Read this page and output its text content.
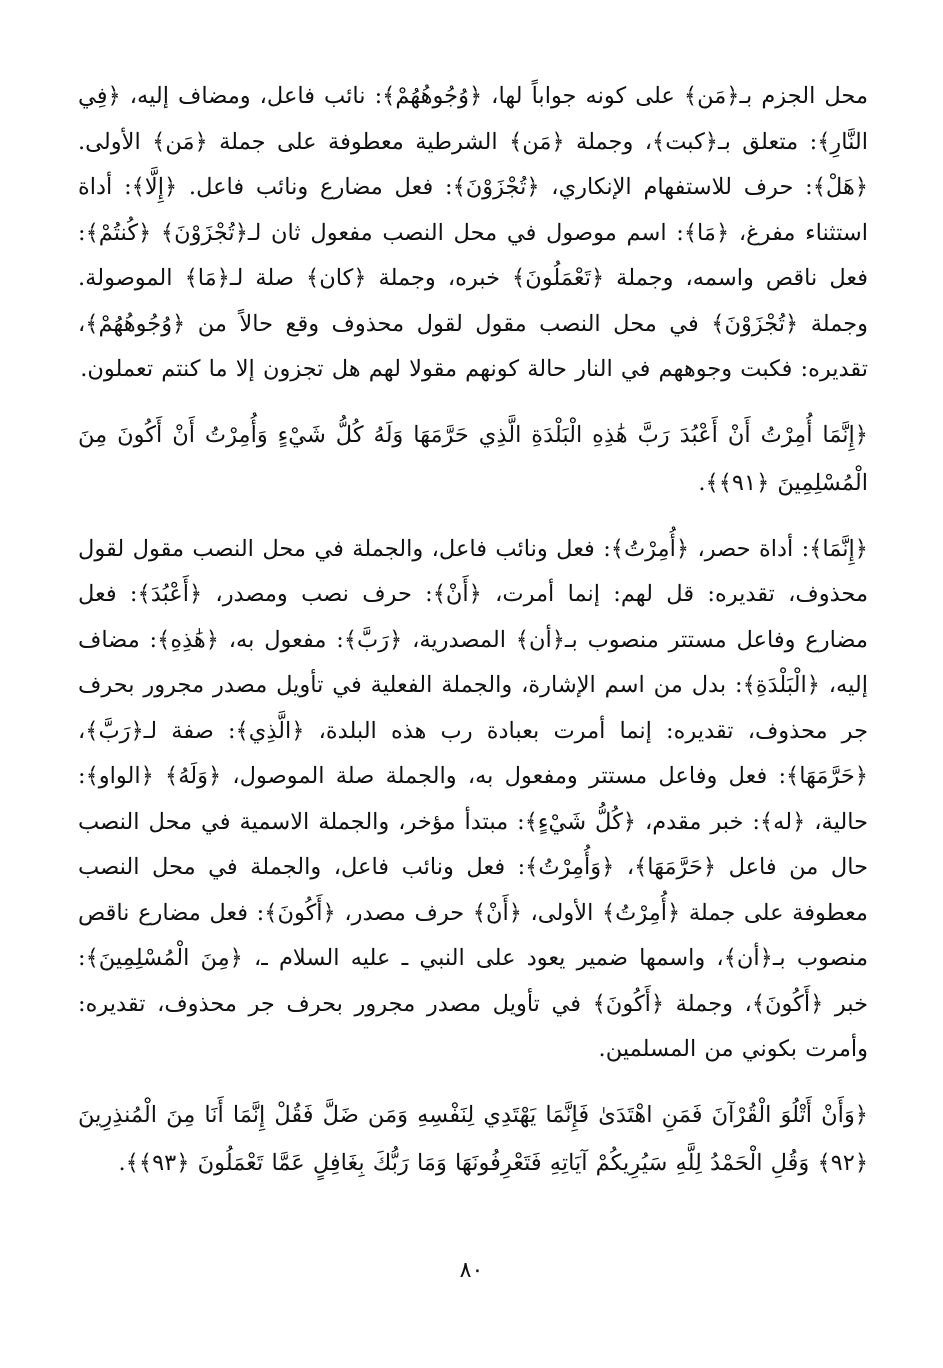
محل الجزم بـ﴿مَن﴾ على كونه جواباً لها، ﴿وُجُوهُهُمْ﴾: نائب فاعل، ومضاف إليه، ﴿فِي النَّارِ﴾: متعلق بـ﴿كبت﴾، وجملة ﴿مَن﴾ الشرطية معطوفة على جملة ﴿مَن﴾ الأولى. ﴿هَلْ﴾: حرف للاستفهام الإنكاري، ﴿تُجْزَوْنَ﴾: فعل مضارع ونائب فاعل. ﴿إِلَّا﴾: أداة استثناء مفرغ، ﴿مَا﴾: اسم موصول في محل النصب مفعول ثان لـ﴿تُجْزَوْنَ﴾ ﴿كُنتُمْ﴾: فعل ناقص واسمه، وجملة ﴿تَعْمَلُونَ﴾ خبره، وجملة ﴿كان﴾ صلة لـ﴿مَا﴾ الموصولة. وجملة ﴿تُجْزَوْنَ﴾ في محل النصب مقول لقول محذوف وقع حالاً من ﴿وُجُوهُهُمْ﴾، تقديره: فكبت وجوههم في النار حالة كونهم مقولا لهم هل تجزون إلا ما كنتم تعملون.

﴿إِنَّمَا أُمِرْتُ أَنْ أَعْبُدَ رَبَّ هَٰذِهِ الْبَلْدَةِ الَّذِي حَرَّمَهَا وَلَهُ كُلُّ شَيْءٍ وَأُمِرْتُ أَنْ أَكُونَ مِنَ الْمُسْلِمِينَ ﴿٩١﴾﴾.

﴿إِنَّمَا﴾: أداة حصر، ﴿أُمِرْتُ﴾: فعل ونائب فاعل، والجملة في محل النصب مقول لقول محذوف، تقديره: قل لهم: إنما أمرت، ﴿أَنْ﴾: حرف نصب ومصدر، ﴿أَعْبُدَ﴾: فعل مضارع وفاعل مستتر منصوب بـ﴿أن﴾ المصدرية، ﴿رَبَّ﴾: مفعول به، ﴿هَٰذِهِ﴾: مضاف إليه، ﴿الْبَلْدَةِ﴾: بدل من اسم الإشارة، والجملة الفعلية في تأويل مصدر مجرور بحرف جر محذوف، تقديره: إنما أمرت بعبادة رب هذه البلدة، ﴿الَّذِي﴾: صفة لـ﴿رَبَّ﴾، ﴿حَرَّمَهَا﴾: فعل وفاعل مستتر ومفعول به، والجملة صلة الموصول، ﴿وَلَهُ﴾ ﴿الواو﴾: حالية، ﴿له﴾: خبر مقدم، ﴿كُلُّ شَيْءٍ﴾: مبتدأ مؤخر، والجملة الاسمية في محل النصب حال من فاعل ﴿حَرَّمَهَا﴾، ﴿وَأُمِرْتُ﴾: فعل ونائب فاعل، والجملة في محل النصب معطوفة على جملة ﴿أُمِرْتُ﴾ الأولى، ﴿أَنْ﴾ حرف مصدر، ﴿أَكُونَ﴾: فعل مضارع ناقص منصوب بـ﴿أن﴾، واسمها ضمير يعود على النبي ـ عليه السلام ـ، ﴿مِنَ الْمُسْلِمِينَ﴾: خبر ﴿أَكُونَ﴾، وجملة ﴿أَكُونَ﴾ في تأويل مصدر مجرور بحرف جر محذوف، تقديره: وأمرت بكوني من المسلمين.

﴿وَأَنْ أَتْلُوَ الْقُرْآنَ فَمَنِ اهْتَدَىٰ فَإِنَّمَا يَهْتَدِي لِنَفْسِهِ وَمَن ضَلَّ فَقُلْ إِنَّمَا أَنَا مِنَ الْمُنذِرِينَ ﴿٩٢﴾ وَقُلِ الْحَمْدُ لِلَّهِ سَيُرِيكُمْ آيَاتِهِ فَتَعْرِفُونَهَا وَمَا رَبُّكَ بِغَافِلٍ عَمَّا تَعْمَلُونَ ﴿٩٣﴾﴾.

٨٠
